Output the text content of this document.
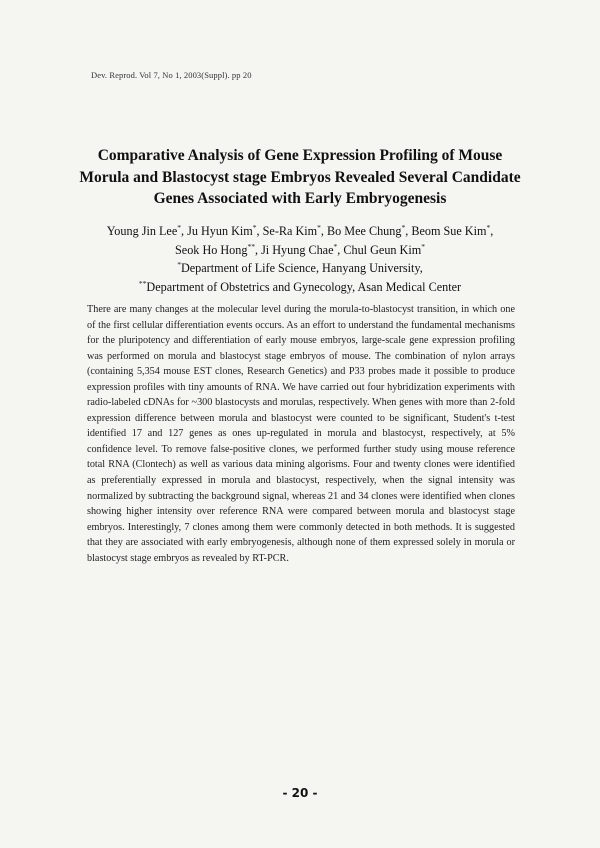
Dev. Reprod. Vol 7, No 1, 2003(Suppl). pp 20
Comparative Analysis of Gene Expression Profiling of Mouse
Morula and Blastocyst stage Embryos Revealed Several Candidate
Genes Associated with Early Embryogenesis
Young Jin Lee*, Ju Hyun Kim*, Se-Ra Kim*, Bo Mee Chung*, Beom Sue Kim*,
Seok Ho Hong**, Ji Hyung Chae*, Chul Geun Kim*
*Department of Life Science, Hanyang University,
**Department of Obstetrics and Gynecology, Asan Medical Center
There are many changes at the molecular level during the morula-to-blastocyst transition, in which one of the first cellular differentiation events occurs. As an effort to understand the fundamental mechanisms for the pluripotency and differentiation of early mouse embryos, large-scale gene expression profiling was performed on morula and blastocyst stage embryos of mouse. The combination of nylon arrays (containing 5,354 mouse EST clones, Research Genetics) and P33 probes made it possible to produce expression profiles with tiny amounts of RNA. We have carried out four hybridization experiments with radio-labeled cDNAs for ~300 blastocysts and morulas, respectively. When genes with more than 2-fold expression difference between morula and blastocyst were counted to be significant, Student's t-test identified 17 and 127 genes as ones up-regulated in morula and blastocyst, respectively, at 5% confidence level. To remove false-positive clones, we performed further study using mouse reference total RNA (Clontech) as well as various data mining algorisms. Four and twenty clones were identified as preferentially expressed in morula and blastocyst, respectively, when the signal intensity was normalized by subtracting the background signal, whereas 21 and 34 clones were identified when clones showing higher intensity over reference RNA were compared between morula and blastocyst stage embryos. Interestingly, 7 clones among them were commonly detected in both methods. It is suggested that they are associated with early embryogenesis, although none of them expressed solely in morula or blastocyst stage embryos as revealed by RT-PCR.
- 20 -
